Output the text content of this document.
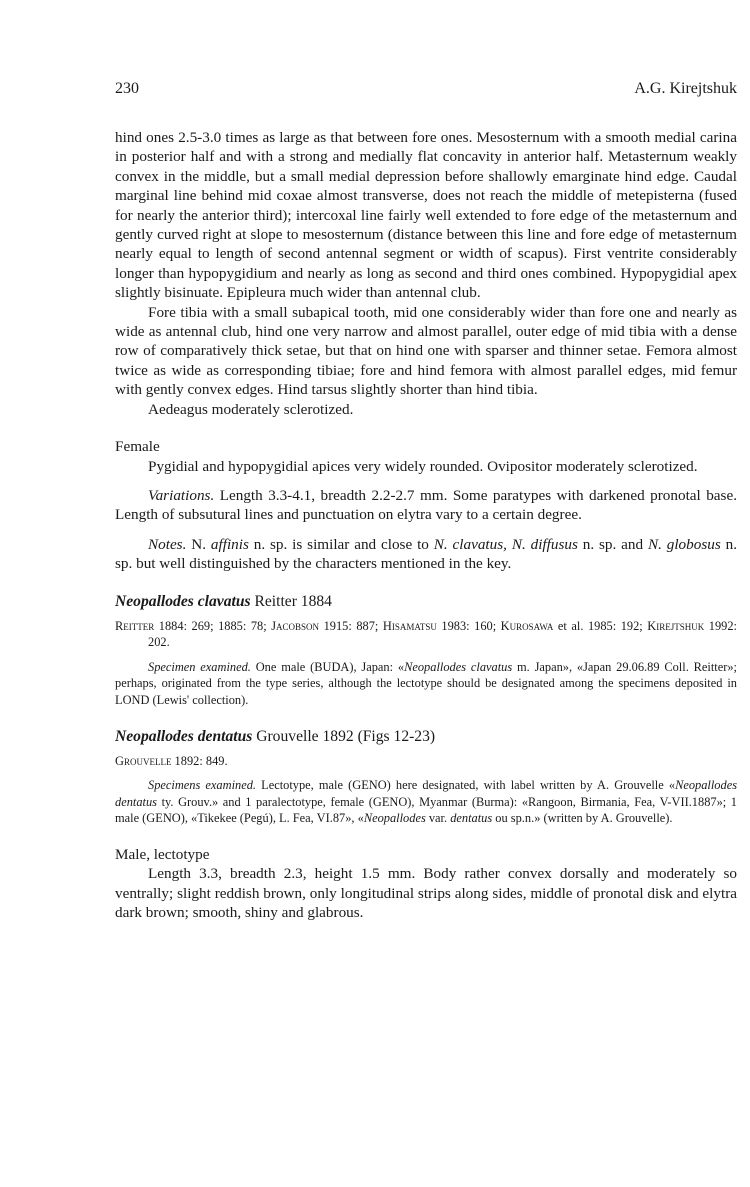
230	A.G. Kirejtshuk

hind ones 2.5-3.0 times as large as that between fore ones. Mesosternum with a smooth medial carina in posterior half and with a strong and medially flat concavity in anterior half. Metasternum weakly convex in the middle, but a small medial depression before shallowly emarginate hind edge. Caudal marginal line behind mid coxae almost transverse, does not reach the middle of metepisterna (fused for nearly the anterior third); intercoxal line fairly well extended to fore edge of the metasternum and gently curved right at slope to mesosternum (distance between this line and fore edge of metasternum nearly equal to length of second antennal segment or width of scapus). First ventrite considerably longer than hypopygidium and nearly as long as second and third ones combined. Hypopygidial apex slightly bisinuate. Epipleura much wider than antennal club.

Fore tibia with a small subapical tooth, mid one considerably wider than fore one and nearly as wide as antennal club, hind one very narrow and almost parallel, outer edge of mid tibia with a dense row of comparatively thick setae, but that on hind one with sparser and thinner setae. Femora almost twice as wide as corresponding tibiae; fore and hind femora with almost parallel edges, mid femur with gently convex edges. Hind tarsus slightly shorter than hind tibia.

Aedeagus moderately sclerotized.

Female

Pygidial and hypopygidial apices very widely rounded. Ovipositor moderately sclerotized.

Variations. Length 3.3-4.1, breadth 2.2-2.7 mm. Some paratypes with darkened pronotal base. Length of subsutural lines and punctuation on elytra vary to a certain degree.

Notes. N. affinis n. sp. is similar and close to N. clavatus, N. diffusus n. sp. and N. globosus n. sp. but well distinguished by the characters mentioned in the key.

Neopallodes clavatus Reitter 1884

Reitter 1884: 269; 1885: 78; Jacobson 1915: 887; Hisamatsu 1983: 160; Kurosawa et al. 1985: 192; Kirejtshuk 1992: 202.

Specimen examined. One male (BUDA), Japan: «Neopallodes clavatus m. Japan», «Japan 29.06.89 Coll. Reitter»; perhaps, originated from the type series, although the lectotype should be designated among the specimens deposited in LOND (Lewis' collection).

Neopallodes dentatus Grouvelle 1892 (Figs 12-23)

Grouvelle 1892: 849.

Specimens examined. Lectotype, male (GENO) here designated, with label written by A. Grouvelle «Neopallodes dentatus ty. Grouv.» and 1 paralectotype, female (GENO), Myanmar (Burma): «Rangoon, Birmania, Fea, V-VII.1887»; 1 male (GENO), «Tikekee (Pegú), L. Fea, VI.87», «Neopallodes var. dentatus ou sp.n.» (written by A. Grouvelle).

Male, lectotype

Length 3.3, breadth 2.3, height 1.5 mm. Body rather convex dorsally and moderately so ventrally; slight reddish brown, only longitudinal strips along sides, middle of pronotal disk and elytra dark brown; smooth, shiny and glabrous.
